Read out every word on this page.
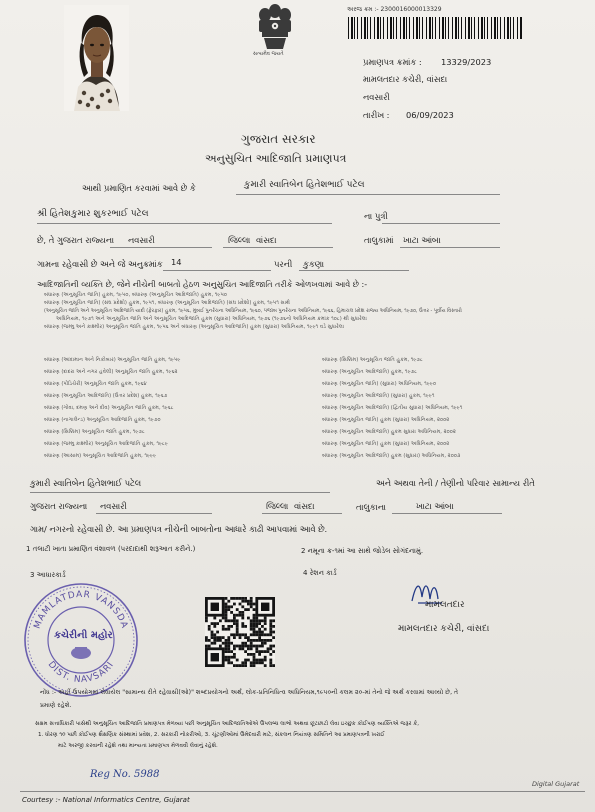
સત્યમેવ જયતે
અરજ ક્રમ :- 2300016000013329
પ્રમાણપત્ર ક્રમાંક : 13329/2023
મામલતદાર કચેરી, વાંસદા
નવસારી
તારીખ : 06/09/2023
ગુજરાત સરકાર
અનુસુચિત આદિજાતિ પ્રમાણપત્ર
આથી પ્રમાણિત કરવામાં આવે છે કે	કુમારી સ્વાતિબેન હિતેશભાઈ પટેલ
શ્રી હિતેશકુમાર શુકરભાઈ પટેલ	ના પુત્રી
છે, તે ગુજરાત રાજ્યના નવસારી	જિલ્લા વાંસદા	તાલુકામાં ખાટા આંબા
ગામના રહેવાસી છે અને જે અનુક્રમાંક 14	પરની કુકણા
આદિજાતિની વ્યક્તિ છે, જેને નીચેની બાબતો હેઠળ અનુસુચિત આદિજાતિ તરીકે ઓળખવામાં આવે છે :-
બંધારણ (અનુસૂચિત જાતિ) હુકમ, ૧૯૫૦, બંધારણ (અનુસૂચિત આદિજાતિ) હુકમ, ૧૯૫૦
બંધારણ (અનુસૂચિત જાતિ) (સંઘ પ્રદેશો) હુકમ, ૧૯૫૧, બંધારણ (અનુસૂચિત આદિજાતિ) (સંઘ પ્રદેશો) હુકમ, ૧૯૫૧ સાથે
(અનુસૂચિત જાતિ અને અનુસૂચિત આદિજાતિ યાદી (ફેરફાર) હુકમ, ૧૯૫૬, મુંબઈ પુનર્રચના અધિનિયમ, ૧૯૬૦, પંજાબ પુનર્રચના અધિનિયમ, ૧૯૬૬, હિમાચલ પ્રદેશ રાજ્ય અધિનિયમ, ૧૯૭૦, ઉત્તર - પૂર્વીય વિસ્તારો
અધિનિયમ, ૧૯૭૧ અને અનુસૂચિત જાતિ અને અનુસૂચિત આદિજાતિ હુકમ (સુધારા) અધિનિયમ, ૧૯૭૬ (૧૯૭૬નો અધિનિયમ ક્રમાંક ૧૦૮) થી સુધારેલા
બંધારણ (જમ્મુ અને કાશ્મીર) અનુસૂચિત જાતિ હુકમ, ૧૯૫૬ અને બંધારણ (અનુસૂચિત આદિજાતિ) હુકમ (સુધારા) અધિનિયમ, ૧૯૯૧ વડે સુધારેલા
બંધારણ (આંદામાન અને નિકોબાર) અનુસૂચિત જાતિ હુકમ, ૧૯૫૯
બંધારણ (દાદરા અને નગર હવેલી) અનુસૂચિત જાતિ હુકમ, ૧૯૬૨
બંધારણ (પોંડિચેરી) અનુસૂચિત જાતિ હુકમ, ૧૯૬૪
બંધારણ (અનુસૂચિત આદિજાતિ) (ઉત્તર પ્રદેશ) હુકમ, ૧૯૬૭
બંધારણ (ગોવા, દમણ અને દીવ) અનુસૂચિત જાતિ હુકમ, ૧૯૬૮
બંધારણ (નાગાલેન્ડ) અનુસૂચિત આદિજાતિ હુકમ, ૧૯૭૦
બંધારણ (સિક્કિમ) અનુસૂચિત જાતિ હુકમ, ૧૯૭૮
બંધારણ (જમ્મુ કાશ્મીર) અનુસૂચિત આદિજાતિ હુકમ, ૧૯૮૯
બંધારણ (આસામ) અનુસૂચિત આદિજાતિ હુકમ, ૧૯૯૯
બંધારણ (સિક્કિમ) અનુસૂચિત જાતિ હુકમ, ૧૯૭૮
બંધારણ (અનુસૂચિત આદિજાતિ) હુકમ, ૧૯૭૮
બંધારણ (અનુસૂચિત જાતિ) (સુધારા) અધિનિયમ, ૧૯૯૦
બંધારણ (અનુસૂચિત આદિજાતિ) (સુધારા) હુકમ, ૧૯૯૧
બંધારણ (અનુસૂચિત આદિજાતિ) (દ્વિતીય સુધારા) અધિનિયમ, ૧૯૯૧
બંધારણ (અનુસૂચિત જાતિ) હુકમ (સુધારા) અધિનિયમ, ૨૦૦૨
બંધારણ (અનુસૂચિત આદિજાતિ) હુકમ સુધારા અધિનિયમ, ૨૦૦૨
બંધારણ (અનુસૂચિત જાતિ) હુકમ (સુધારા) અધિનિયમ, ૨૦૦૨
બંધારણ (અનુસૂચિત આદિજાતિ) હુકમ (સુધારા) અધિનિયમ, ૨૦૦૩
કુમારી સ્વાતિબેન હિતેશભાઈ પટેલ	અને અથવા તેની / તેણીનો પરિવાર સામાન્ય રીતે
ગુજરાત રાજ્યના નવસારી	જિલ્લા વાંસદા	તાલુકાના	ખાટા આંબા
ગામ/ નગરનો રહેવાસી છે. આ પ્રમાણપત્ર નીચેની બાબતોના આધારે કાઢી આપવામાં આવે છે.
1 તલાટી ખાતા પ્રમાણિત વંશાવળ (પરદાદાથી શરૂઆત કરીને.)	2 નમૂના ક્ર-૧માં આ સાથે જોડેલ સોગંદનામું.
3 આધારકાર્ડ	4 રેશન કાર્ડ
MAMLATDAR VANSDA
DIST. NAVSARI
કચેરીની મહોર
મામલતદાર
મામલતદાર કચેરી, વાંસદા
નોંધ :- અહીં ઉપયોગમાં લેવાયેલ "સામાન્ય રીતે રહેવાસી(ઓ)" શબ્દપ્રયોગનો અર્થ, લોક-પ્રતિનિધિત્વ અધિનિયમ,૧૯૫૦ની કલમ ૨૦-માં તેનો જે અર્થ કરવામાં આવ્યો છે, તે
પ્રમાણે રહેશે.
સક્ષમ સત્તાધિકારી પાસેથી અનુસૂચિત આદિજાતિ પ્રમાણપત્ર મેળવ્યા પછી અનુસૂચિત આદિજાતિઓએ ઉપલબ્ધ લાભો અથવા છૂટછાટો લેવા ઇચ્છુક કોઈપણ વ્યક્તિએ જરૂર કે,
1. ધોરણ ૧૦ પછી કોઈપણ શૈક્ષણિક સંસ્થામાં પ્રવેશ, 2. સરકારી નોકરીઓ, 3. ચૂંટણીઓમાં ઉમેદવારી માટે, સંકલન નિયંત્રણ સમિતિને આ પ્રમાણપત્રની ખરાઈ
માટે અરજી કરવાની રહેશે તથા માન્યતા પ્રમાણપત્ર મેળવવી લેવાનું રહેશે.
Reg No. 5988
Courtesy :- National Informatics Centre, Gujarat
Digital Gujarat
